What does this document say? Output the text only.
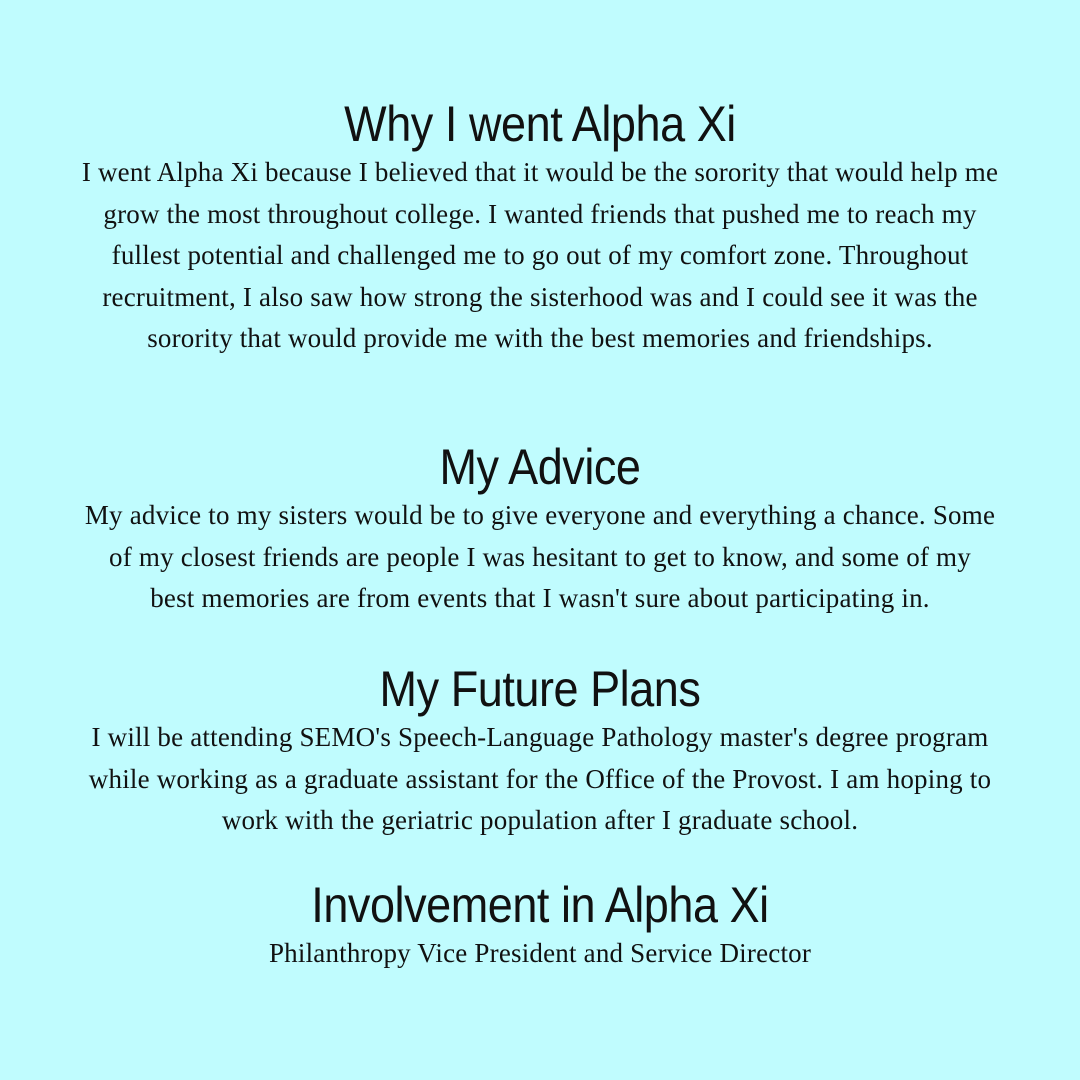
Why I went Alpha Xi
I went Alpha Xi because I believed that it would be the sorority that would help me
grow the most throughout college. I wanted friends that pushed me to reach my
fullest potential and challenged me to go out of my comfort zone. Throughout
recruitment, I also saw how strong the sisterhood was and I could see it was the
sorority that would provide me with the best memories and friendships.
My Advice
My advice to my sisters would be to give everyone and everything a chance. Some
of my closest friends are people I was hesitant to get to know, and some of my
best memories are from events that I wasn't sure about participating in.
My Future Plans
I will be attending SEMO's Speech-Language Pathology master's degree program
while working as a graduate assistant for the Office of the Provost. I am hoping to
work with the geriatric population after I graduate school.
Involvement in Alpha Xi
Philanthropy Vice President and Service Director
